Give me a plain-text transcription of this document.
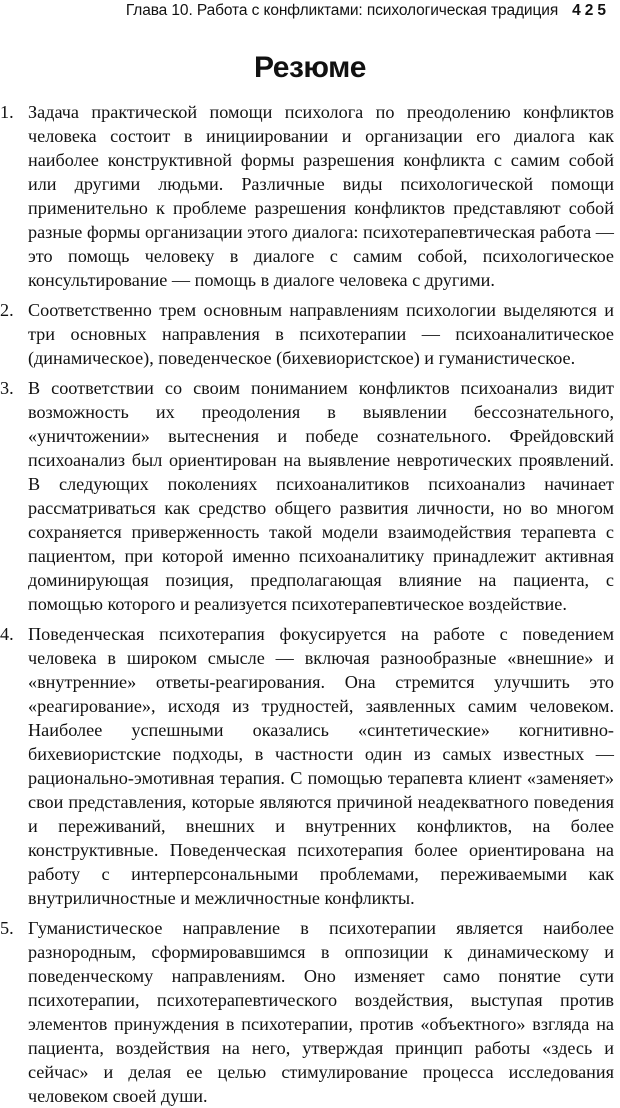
Глава 10. Работа с конфликтами: психологическая традиция 425
Резюме
1. Задача практической помощи психолога по преодолению конфликтов человека состоит в инициировании и организации его диалога как наиболее конструктивной формы разрешения конфликта с самим собой или другими людьми. Различные виды психологической помощи применительно к проблеме разрешения конфликтов представляют собой разные формы организации этого диалога: психотерапевтическая работа — это помощь человеку в диалоге с самим собой, психологическое консультирование — помощь в диалоге человека с другими.
2. Соответственно трем основным направлениям психологии выделяются и три основных направления в психотерапии — психоаналитическое (динамическое), поведенческое (бихевиористское) и гуманистическое.
3. В соответствии со своим пониманием конфликтов психоанализ видит возможность их преодоления в выявлении бессознательного, «уничтожении» вытеснения и победе сознательного. Фрейдовский психоанализ был ориентирован на выявление невротических проявлений. В следующих поколениях психоаналитиков психоанализ начинает рассматриваться как средство общего развития личности, но во многом сохраняется приверженность такой модели взаимодействия терапевта с пациентом, при которой именно психоаналитику принадлежит активная доминирующая позиция, предполагающая влияние на пациента, с помощью которого и реализуется психотерапевтическое воздействие.
4. Поведенческая психотерапия фокусируется на работе с поведением человека в широком смысле — включая разнообразные «внешние» и «внутренние» ответы-реагирования. Она стремится улучшить это «реагирование», исходя из трудностей, заявленных самим человеком. Наиболее успешными оказались «синтетические» когнитивно-бихевиористские подходы, в частности один из самых известных — рационально-эмотивная терапия. С помощью терапевта клиент «заменяет» свои представления, которые являются причиной неадекватного поведения и переживаний, внешних и внутренних конфликтов, на более конструктивные. Поведенческая психотерапия более ориентирована на работу с интерперсональными проблемами, переживаемыми как внутриличностные и межличностные конфликты.
5. Гуманистическое направление в психотерапии является наиболее разнородным, сформировавшимся в оппозиции к динамическому и поведенческому направлениям. Оно изменяет само понятие сути психотерапии, психотерапевтического воздействия, выступая против элементов принуждения в психотерапии, против «объектного» взгляда на пациента, воздействия на него, утверждая принцип работы «здесь и сейчас» и делая ее целью стимулирование процесса исследования человеком своей души.
